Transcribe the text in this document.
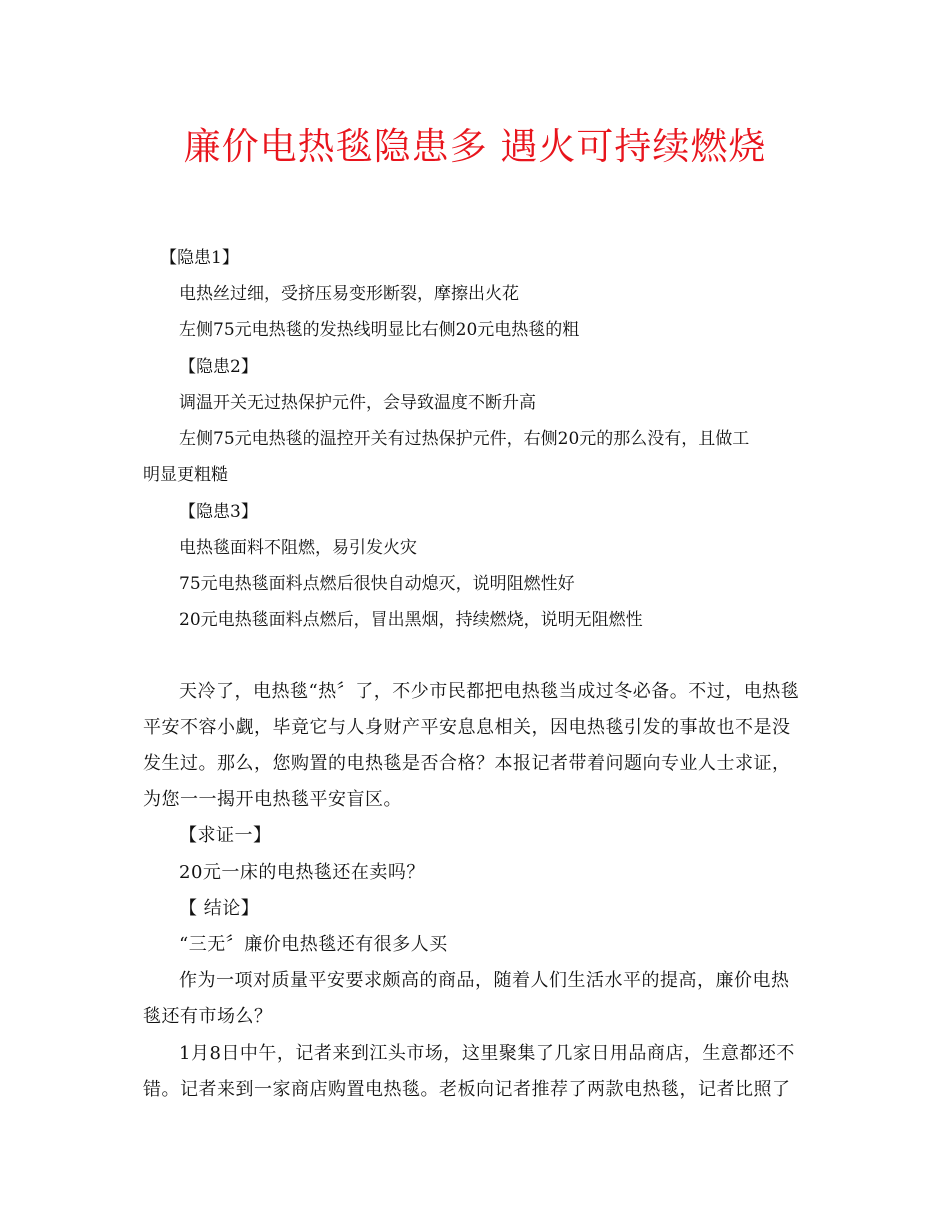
廉价电热毯隐患多 遇火可持续燃烧

【隐患1】

电热丝过细，受挤压易变形断裂，摩擦出火花

左侧75元电热毯的发热线明显比右侧20元电热毯的粗

【隐患2】

调温开关无过热保护元件，会导致温度不断升高

左侧75元电热毯的温控开关有过热保护元件，右侧20元的那么没有，且做工

明显更粗糙

【隐患3】

电热毯面料不阻燃，易引发火灾

75元电热毯面料点燃后很快自动熄灭，说明阻燃性好

20元电热毯面料点燃后，冒出黑烟，持续燃烧，说明无阻燃性

天冷了，电热毯“热〞了，不少市民都把电热毯当成过冬必备。不过，电热毯

平安不容小觑，毕竟它与人身财产平安息息相关，因电热毯引发的事故也不是没

发生过。那么，您购置的电热毯是否合格？本报记者带着问题向专业人士求证，

为您一一揭开电热毯平安盲区。

【求证一】

20元一床的电热毯还在卖吗？

【 结论】

“三无〞廉价电热毯还有很多人买

作为一项对质量平安要求颇高的商品，随着人们生活水平的提高，廉价电热

毯还有市场么？

1月8日中午，记者来到江头市场，这里聚集了几家日用品商店，生意都还不

错。记者来到一家商店购置电热毯。老板向记者推荐了两款电热毯，记者比照了
